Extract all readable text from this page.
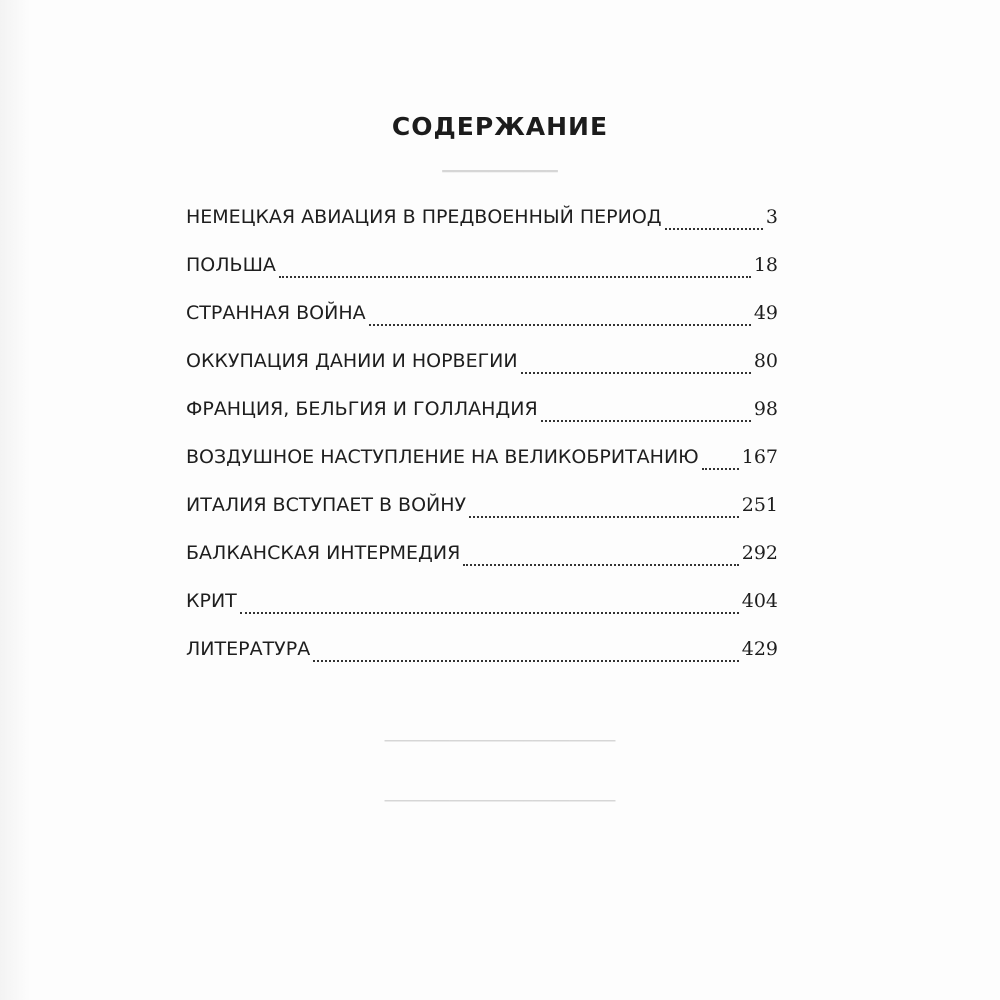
▔▔▔▔▔▔▔▔▔▔
▔▔▔▔▔▔▔▔▔▔▔▔▔▔▔▔▔▔▔▔▔▔▔▔▔
▔▔▔▔▔▔▔▔▔▔▔▔▔▔▔▔▔▔▔▔▔▔▔▔▔
СОДЕРЖАНИЕ
НЕМЕЦКАЯ АВИАЦИЯ В ПРЕДВОЕННЫЙ ПЕРИОД	3
ПОЛЬША	18
СТРАННАЯ ВОЙНА	49
ОККУПАЦИЯ ДАНИИ И НОРВЕГИИ	80
ФРАНЦИЯ, БЕЛЬГИЯ И ГОЛЛАНДИЯ	98
ВОЗДУШНОЕ НАСТУПЛЕНИЕ НА ВЕЛИКОБРИТАНИЮ 167
ИТАЛИЯ ВСТУПАЕТ В ВОЙНУ	251
БАЛКАНСКАЯ ИНТЕРМЕДИЯ	292
КРИТ	404
ЛИТЕРАТУРА	429
